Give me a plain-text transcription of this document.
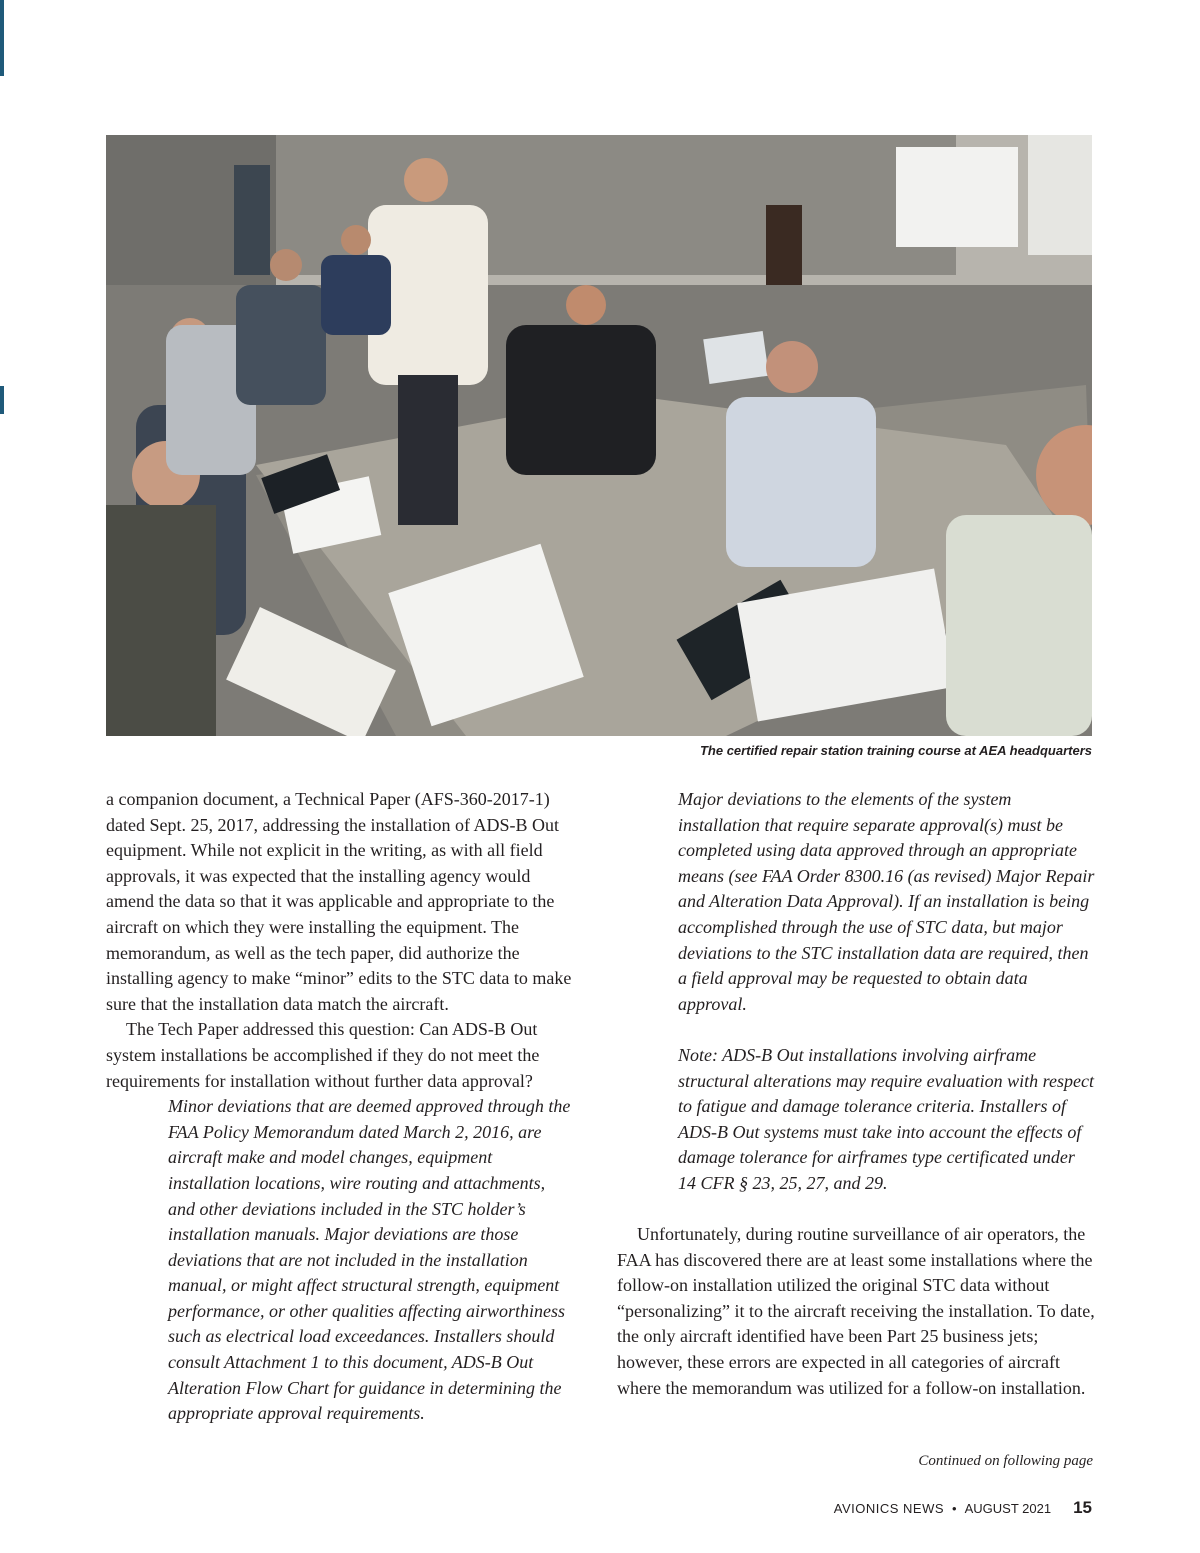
The certified repair station training course at AEA headquarters

a companion document, a Technical Paper (AFS-360-2017-1) dated Sept. 25, 2017, addressing the installation of ADS-B Out equipment. While not explicit in the writing, as with all field approvals, it was expected that the installing agency would amend the data so that it was applicable and appropriate to the aircraft on which they were installing the equipment. The memorandum, as well as the tech paper, did authorize the installing agency to make “minor” edits to the STC data to make sure that the installation data match the aircraft.

The Tech Paper addressed this question: Can ADS-B Out system installations be accomplished if they do not meet the requirements for installation without further data approval?

Minor deviations that are deemed approved through the FAA Policy Memorandum dated March 2, 2016, are aircraft make and model changes, equipment installation locations, wire routing and attachments, and other deviations included in the STC holder’s installation manuals. Major deviations are those deviations that are not included in the installation manual, or might affect structural strength, equipment performance, or other qualities affecting airworthiness such as electrical load exceedances. Installers should consult Attachment 1 to this document, ADS-B Out Alteration Flow Chart for guidance in determining the appropriate approval requirements.

Major deviations to the elements of the system installation that require separate approval(s) must be completed using data approved through an appropriate means (see FAA Order 8300.16 (as revised) Major Repair and Alteration Data Approval). If an installation is being accomplished through the use of STC data, but major deviations to the STC installation data are required, then a field approval may be requested to obtain data approval.

Note: ADS-B Out installations involving airframe structural alterations may require evaluation with respect to fatigue and damage tolerance criteria. Installers of ADS-B Out systems must take into account the effects of damage tolerance for airframes type certificated under 14 CFR § 23, 25, 27, and 29.

Unfortunately, during routine surveillance of air operators, the FAA has discovered there are at least some installations where the follow-on installation utilized the original STC data without “personalizing” it to the aircraft receiving the installation. To date, the only aircraft identified have been Part 25 business jets; however, these errors are expected in all categories of aircraft where the memorandum was utilized for a follow-on installation.

Continued on following page

AVIONICS NEWS • AUGUST 2021 15
